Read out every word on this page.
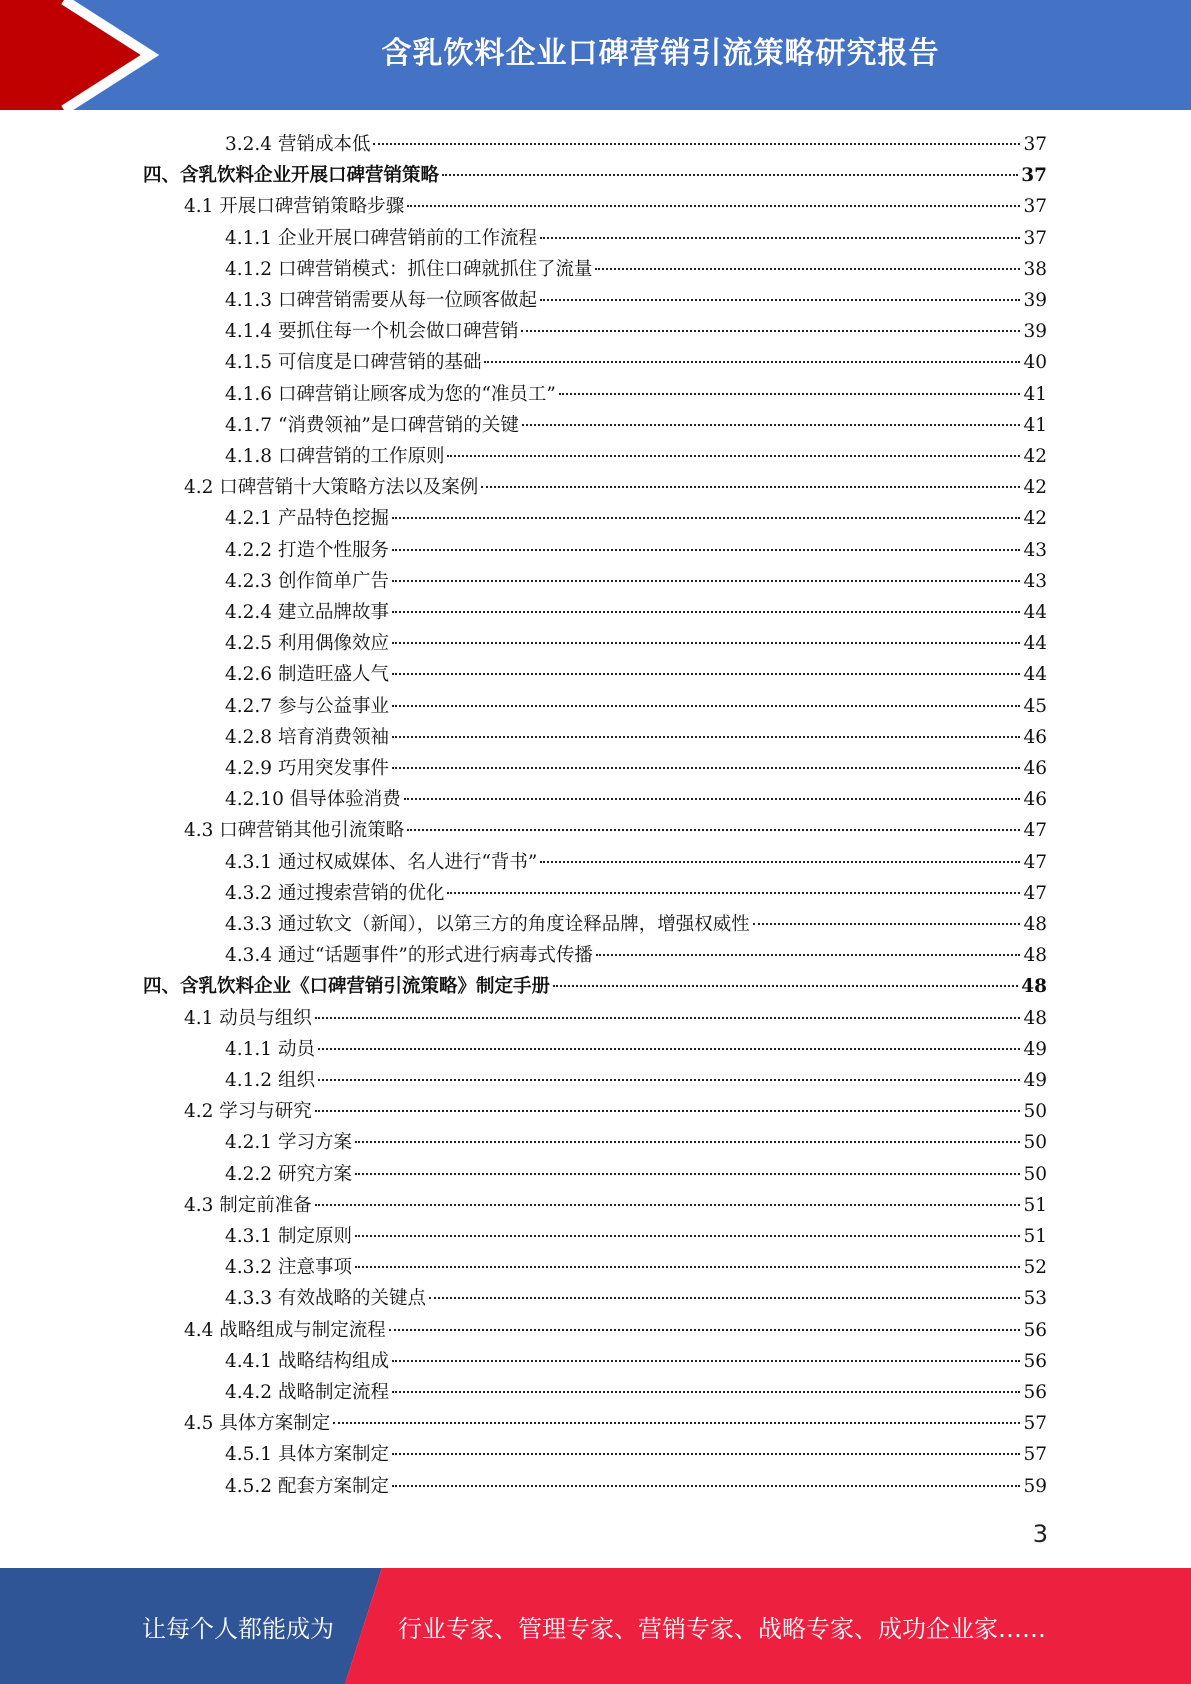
含乳饮料企业口碑营销引流策略研究报告
3.2.4 营销成本低	37
四、含乳饮料企业开展口碑营销策略	37
4.1 开展口碑营销策略步骤	37
4.1.1 企业开展口碑营销前的工作流程	37
4.1.2 口碑营销模式：抓住口碑就抓住了流量	38
4.1.3 口碑营销需要从每一位顾客做起	39
4.1.4 要抓住每一个机会做口碑营销	39
4.1.5 可信度是口碑营销的基础	40
4.1.6 口碑营销让顾客成为您的“准员工”	41
4.1.7 “消费领袖”是口碑营销的关键	41
4.1.8 口碑营销的工作原则	42
4.2 口碑营销十大策略方法以及案例	42
4.2.1 产品特色挖掘	42
4.2.2 打造个性服务	43
4.2.3 创作简单广告	43
4.2.4 建立品牌故事	44
4.2.5 利用偶像效应	44
4.2.6 制造旺盛人气	44
4.2.7 参与公益事业	45
4.2.8 培育消费领袖	46
4.2.9 巧用突发事件	46
4.2.10 倡导体验消费	46
4.3 口碑营销其他引流策略	47
4.3.1 通过权威媒体、名人进行“背书”	47
4.3.2 通过搜索营销的优化	47
4.3.3 通过软文（新闻），以第三方的角度诠释品牌，增强权威性	48
4.3.4 通过“话题事件”的形式进行病毒式传播	48
四、含乳饮料企业《口碑营销引流策略》制定手册	48
4.1 动员与组织	48
4.1.1 动员	49
4.1.2 组织	49
4.2 学习与研究	50
4.2.1 学习方案	50
4.2.2 研究方案	50
4.3 制定前准备	51
4.3.1 制定原则	51
4.3.2 注意事项	52
4.3.3 有效战略的关键点	53
4.4 战略组成与制定流程	56
4.4.1 战略结构组成	56
4.4.2 战略制定流程	56
4.5 具体方案制定	57
4.5.1 具体方案制定	57
4.5.2 配套方案制定	59
3
让每个人都能成为	行业专家、管理专家、营销专家、战略专家、成功企业家……
